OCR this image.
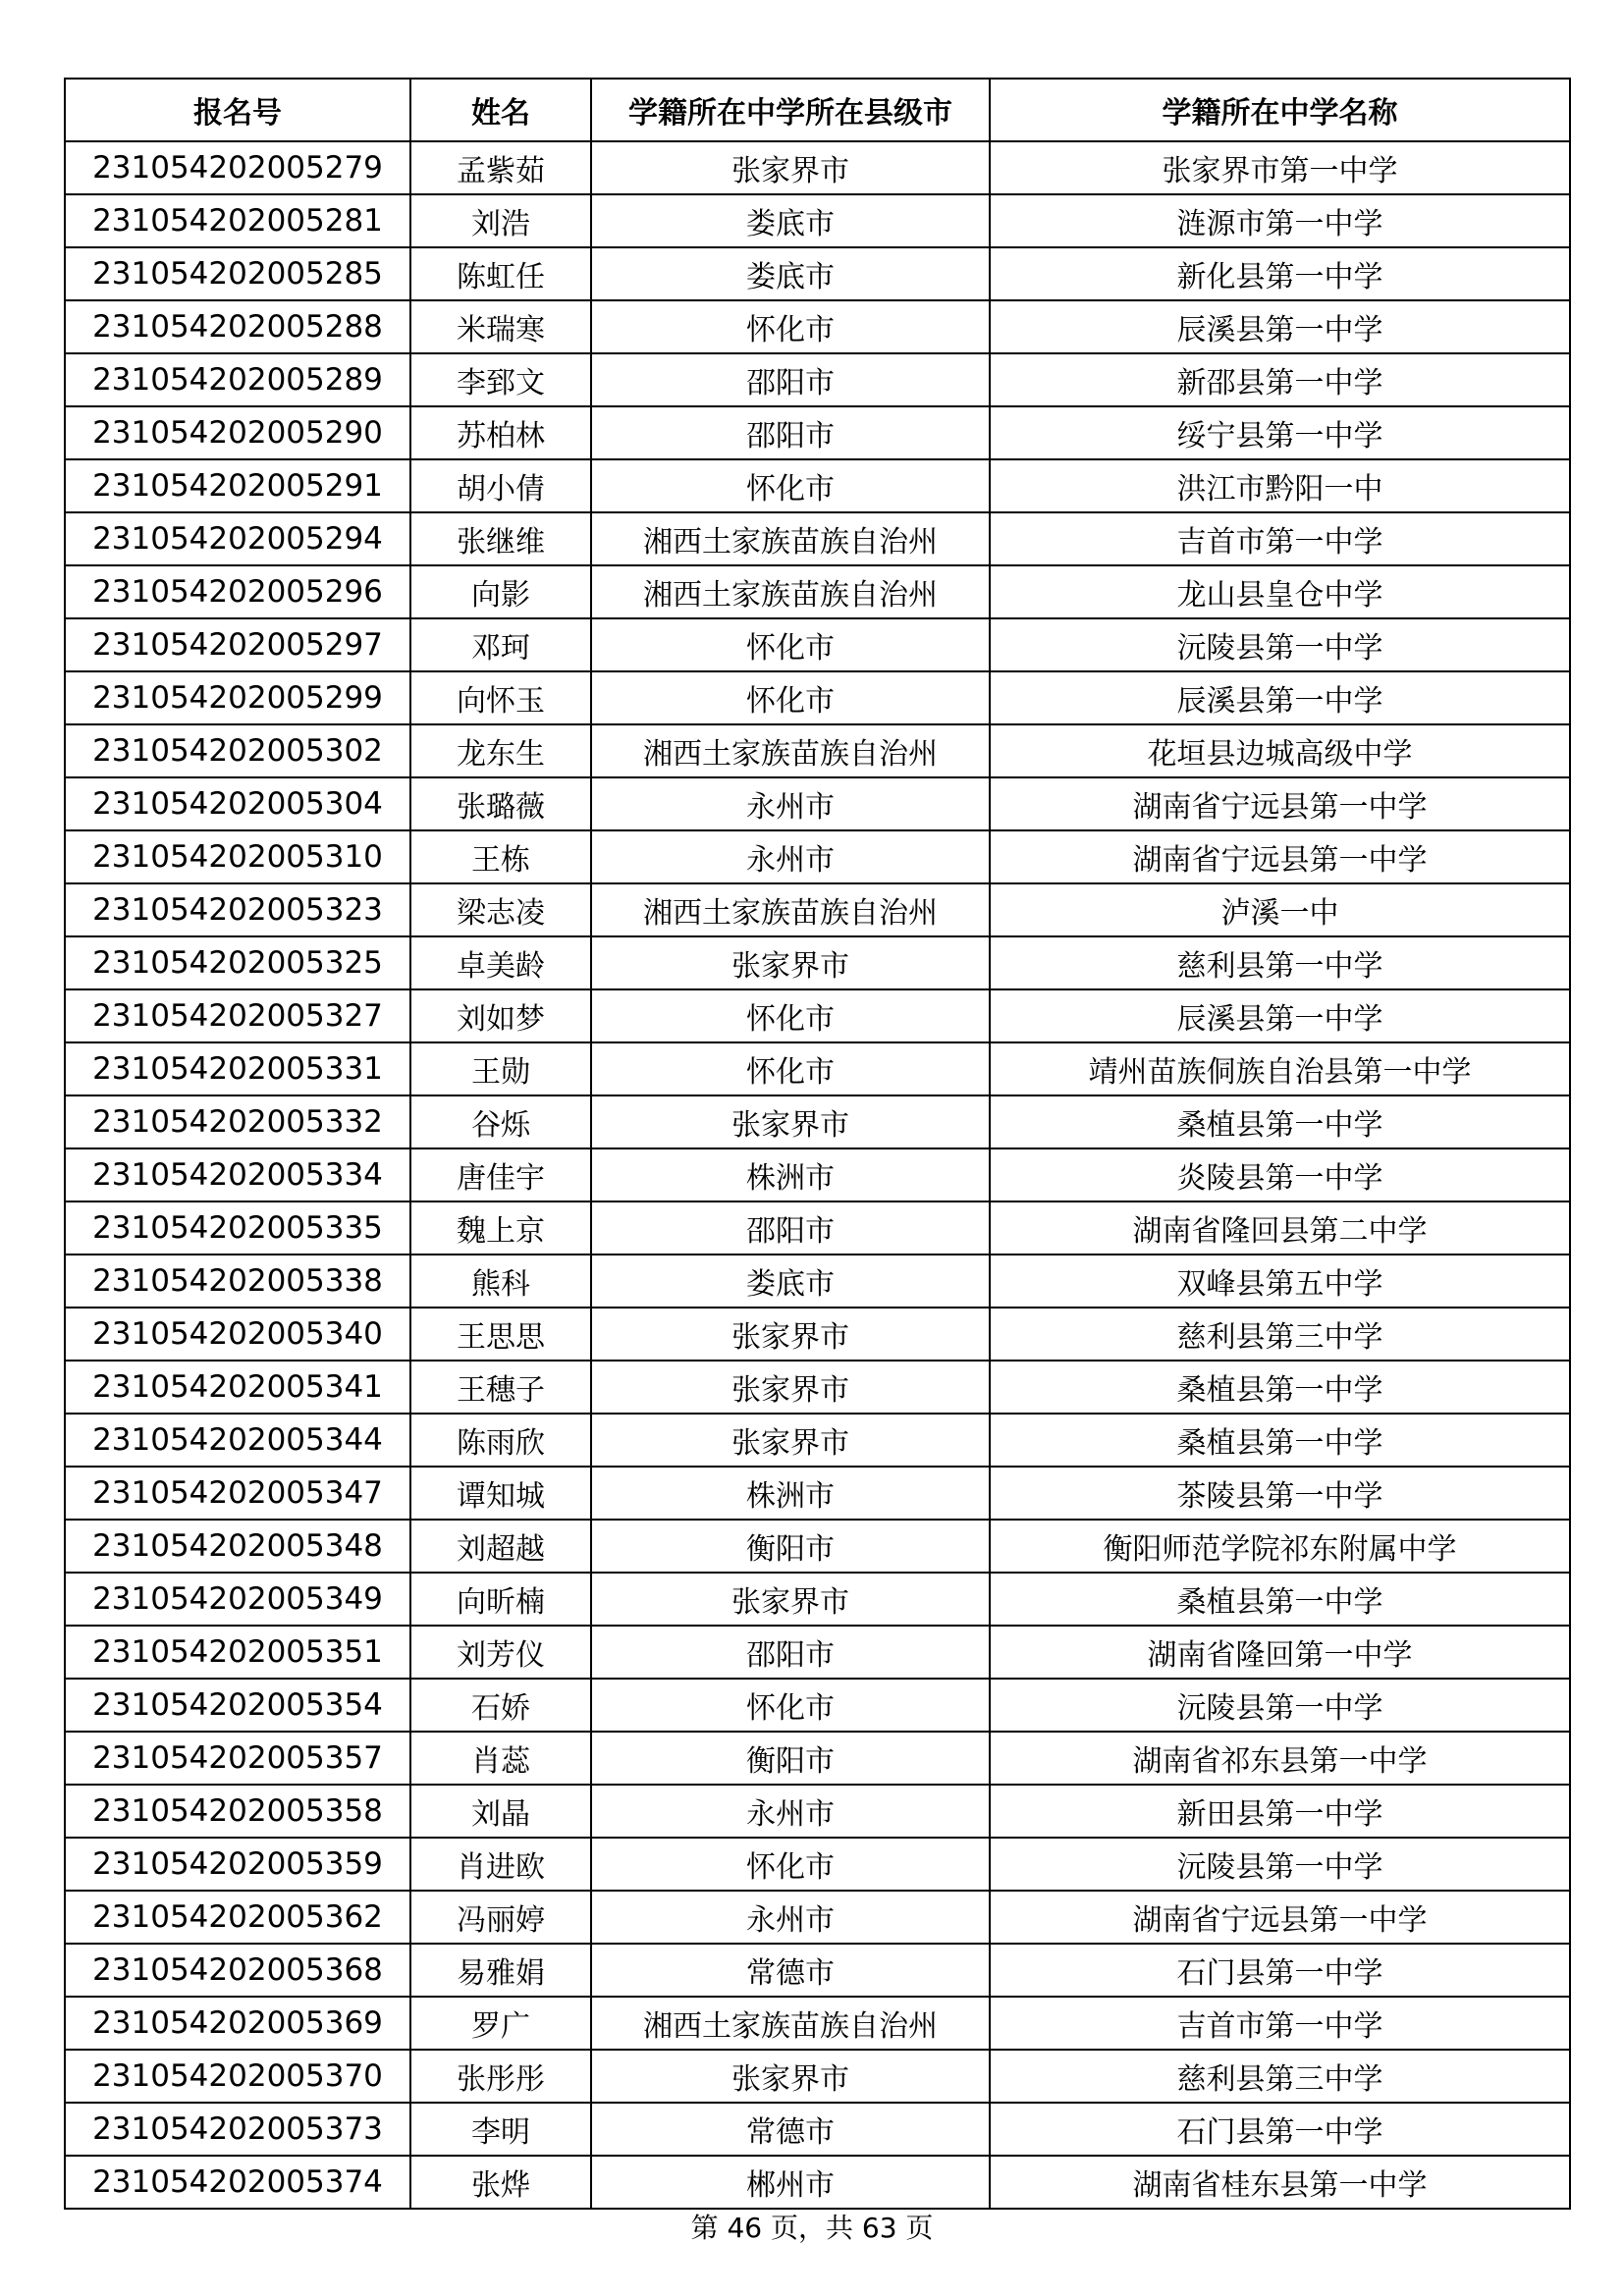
报名号	姓名	学籍所在中学所在县级市	学籍所在中学名称
231054202005279	孟紫茹	张家界市	张家界市第一中学
231054202005281	刘浩	娄底市	涟源市第一中学
231054202005285	陈虹任	娄底市	新化县第一中学
231054202005288	米瑞寒	怀化市	辰溪县第一中学
231054202005289	李郅文	邵阳市	新邵县第一中学
231054202005290	苏柏林	邵阳市	绥宁县第一中学
231054202005291	胡小倩	怀化市	洪江市黔阳一中
231054202005294	张继维	湘西土家族苗族自治州	吉首市第一中学
231054202005296	向影	湘西土家族苗族自治州	龙山县皇仓中学
231054202005297	邓珂	怀化市	沅陵县第一中学
231054202005299	向怀玉	怀化市	辰溪县第一中学
231054202005302	龙东生	湘西土家族苗族自治州	花垣县边城高级中学
231054202005304	张璐薇	永州市	湖南省宁远县第一中学
231054202005310	王栋	永州市	湖南省宁远县第一中学
231054202005323	梁志凌	湘西土家族苗族自治州	泸溪一中
231054202005325	卓美龄	张家界市	慈利县第一中学
231054202005327	刘如梦	怀化市	辰溪县第一中学
231054202005331	王勋	怀化市	靖州苗族侗族自治县第一中学
231054202005332	谷烁	张家界市	桑植县第一中学
231054202005334	唐佳宇	株洲市	炎陵县第一中学
231054202005335	魏上京	邵阳市	湖南省隆回县第二中学
231054202005338	熊科	娄底市	双峰县第五中学
231054202005340	王思思	张家界市	慈利县第三中学
231054202005341	王穗子	张家界市	桑植县第一中学
231054202005344	陈雨欣	张家界市	桑植县第一中学
231054202005347	谭知城	株洲市	茶陵县第一中学
231054202005348	刘超越	衡阳市	衡阳师范学院祁东附属中学
231054202005349	向昕楠	张家界市	桑植县第一中学
231054202005351	刘芳仪	邵阳市	湖南省隆回第一中学
231054202005354	石娇	怀化市	沅陵县第一中学
231054202005357	肖蕊	衡阳市	湖南省祁东县第一中学
231054202005358	刘晶	永州市	新田县第一中学
231054202005359	肖进欧	怀化市	沅陵县第一中学
231054202005362	冯丽婷	永州市	湖南省宁远县第一中学
231054202005368	易雅娟	常德市	石门县第一中学
231054202005369	罗广	湘西土家族苗族自治州	吉首市第一中学
231054202005370	张彤彤	张家界市	慈利县第三中学
231054202005373	李明	常德市	石门县第一中学
231054202005374	张烨	郴州市	湖南省桂东县第一中学
第 46 页，共 63 页
